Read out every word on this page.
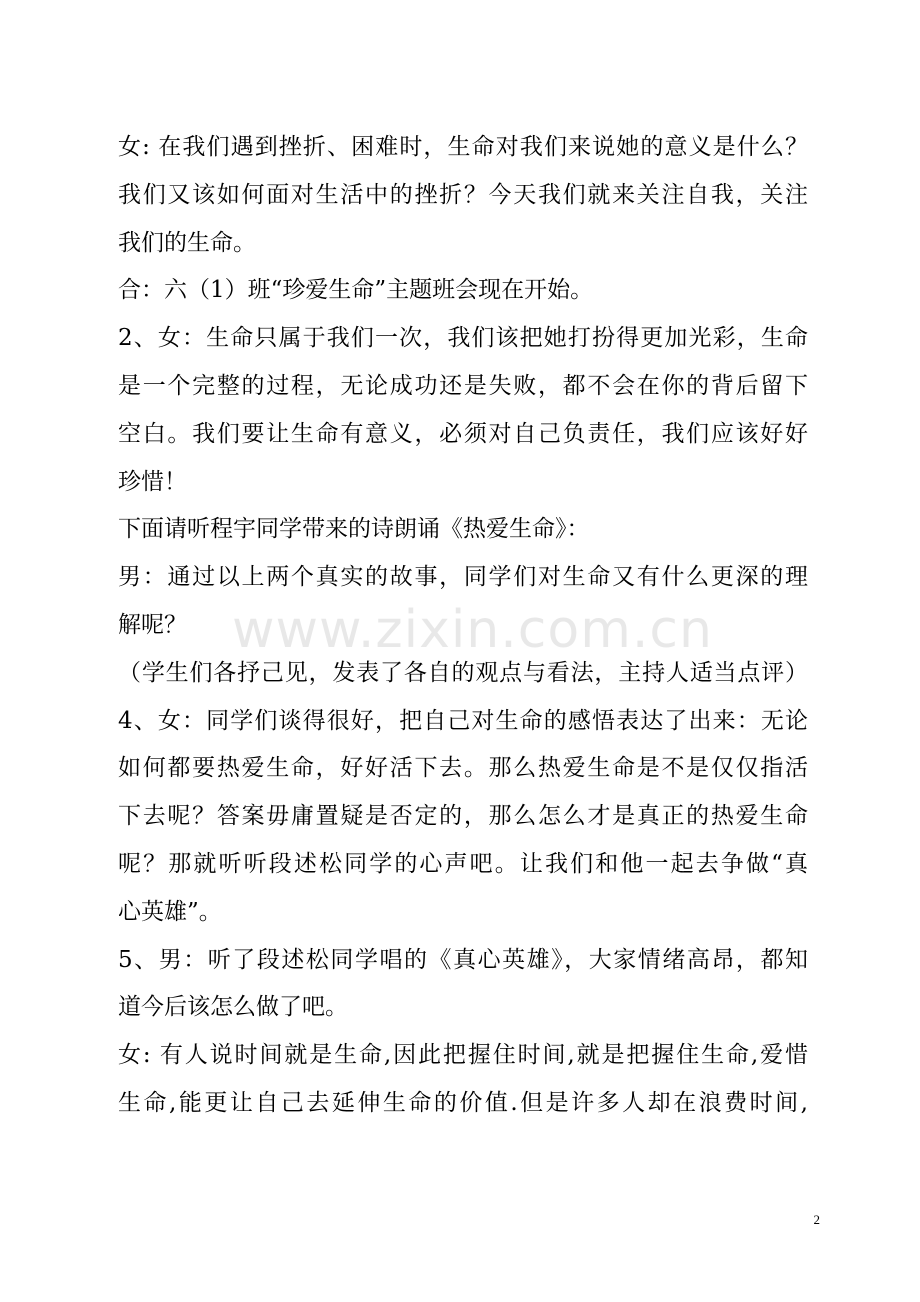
女: 在我们遇到挫折、困难时，生命对我们来说她的意义是什么？
我们又该如何面对生活中的挫折？今天我们就来关注自我，关注
我们的生命。
合：六（1）班“珍爱生命”主题班会现在开始。
2、女：生命只属于我们一次，我们该把她打扮得更加光彩，生命
是一个完整的过程，无论成功还是失败，都不会在你的背后留下
空白。我们要让生命有意义，必须对自己负责任，我们应该好好
珍惜！
下面请听程宇同学带来的诗朗诵《热爱生命》：
男：通过以上两个真实的故事，同学们对生命又有什么更深的理
解呢？
（学生们各抒己见，发表了各自的观点与看法，主持人适当点评）
4、女：同学们谈得很好，把自己对生命的感悟表达了出来：无论
如何都要热爱生命，好好活下去。那么热爱生命是不是仅仅指活
下去呢？答案毋庸置疑是否定的，那么怎么才是真正的热爱生命
呢？那就听听段述松同学的心声吧。让我们和他一起去争做“真
心英雄”。
5、男：听了段述松同学唱的《真心英雄》，大家情绪高昂，都知
道今后该怎么做了吧。
女: 有人说时间就是生命,因此把握住时间,就是把握住生命,爱惜
生命,能更让自己去延伸生命的价值.但是许多人却在浪费时间,
www.zixin.com.cn
2
